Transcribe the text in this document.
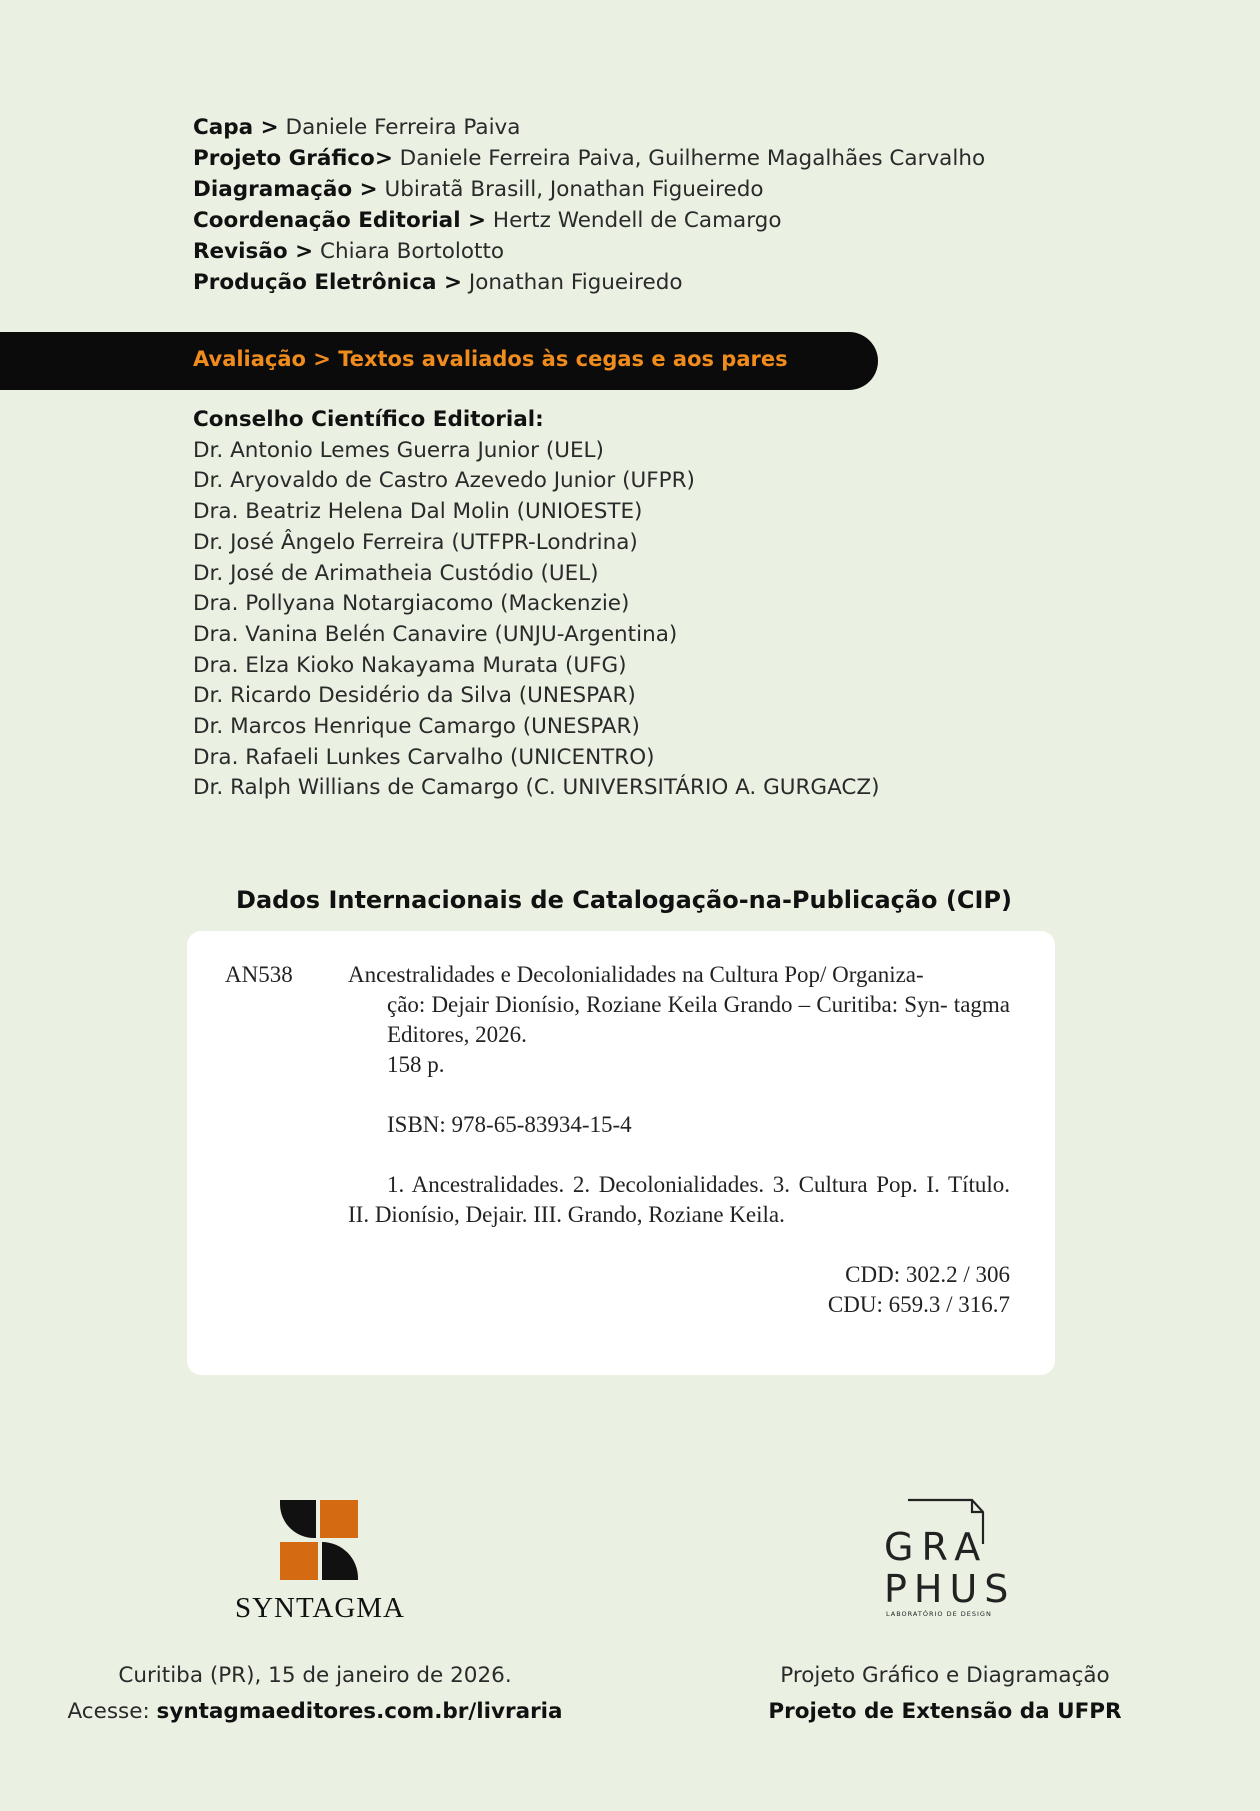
Capa > Daniele Ferreira Paiva
Projeto Gráfico> Daniele Ferreira Paiva, Guilherme Magalhães Carvalho
Diagramação > Ubiratã Brasill, Jonathan Figueiredo
Coordenação Editorial > Hertz Wendell de Camargo
Revisão > Chiara Bortolotto
Produção Eletrônica > Jonathan Figueiredo
Avaliação > Textos avaliados às cegas e aos pares
Conselho Científico Editorial:
Dr. Antonio Lemes Guerra Junior (UEL)
Dr. Aryovaldo de Castro Azevedo Junior (UFPR)
Dra. Beatriz Helena Dal Molin (UNIOESTE)
Dr. José Ângelo Ferreira (UTFPR-Londrina)
Dr. José de Arimatheia Custódio (UEL)
Dra. Pollyana Notargiacomo (Mackenzie)
Dra. Vanina Belén Canavire (UNJU-Argentina)
Dra. Elza Kioko Nakayama Murata (UFG)
Dr. Ricardo Desidério da Silva (UNESPAR)
Dr. Marcos Henrique Camargo (UNESPAR)
Dra. Rafaeli Lunkes Carvalho (UNICENTRO)
Dr. Ralph Willians de Camargo (C. UNIVERSITÁRIO A. GURGACZ)
Dados Internacionais de Catalogação-na-Publicação (CIP)
AN538 Ancestralidades e Decolonialidades na Cultura Pop/ Organiza-

ção: Dejair Dionísio, Roziane Keila Grando – Curitiba: Syn- tagma Editores, 2026.

158 p.

ISBN: 978-65-83934-15-4

1. Ancestralidades. 2. Decolonialidades. 3. Cultura Pop. I. Título. II. Dionísio, Dejair. III. Grando, Roziane Keila.

CDD: 302.2 / 306

CDU: 659.3 / 316.7

SYNTAGMA
GRA
PHUS
LABORATÓRIO DE DESIGN
Curitiba (PR), 15 de janeiro de 2026.
Acesse: syntagmaeditores.com.br/livraria
Projeto Gráfico e Diagramação
Projeto de Extensão da UFPR
